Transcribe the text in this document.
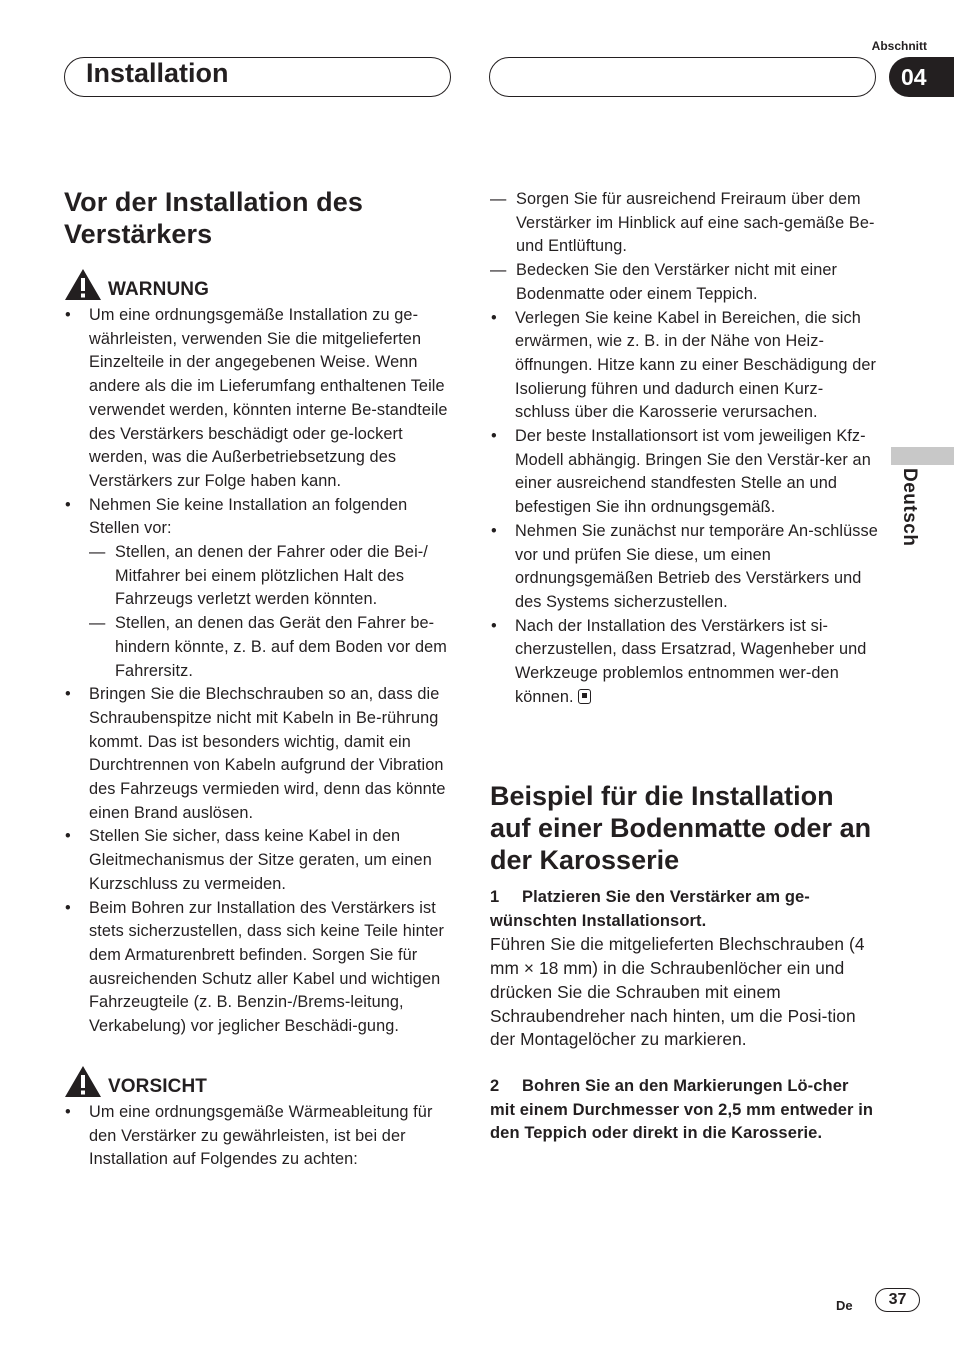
Installation
Abschnitt
04
Deutsch
Vor der Installation des Verstärkers
WARNUNG
• Um eine ordnungsgemäße Installation zu ge-währleisten, verwenden Sie die mitgelieferten Einzelteile in der angegebenen Weise. Wenn andere als die im Lieferumfang enthaltenen Teile verwendet werden, könnten interne Be-standteile des Verstärkers beschädigt oder ge-lockert werden, was die Außerbetriebsetzung des Verstärkers zur Folge haben kann.
• Nehmen Sie keine Installation an folgenden Stellen vor:
— Stellen, an denen der Fahrer oder die Bei-/ Mitfahrer bei einem plötzlichen Halt des Fahrzeugs verletzt werden könnten.
— Stellen, an denen das Gerät den Fahrer be-hindern könnte, z. B. auf dem Boden vor dem Fahrersitz.
• Bringen Sie die Blechschrauben so an, dass die Schraubenspitze nicht mit Kabeln in Be-rührung kommt. Das ist besonders wichtig, damit ein Durchtrennen von Kabeln aufgrund der Vibration des Fahrzeugs vermieden wird, denn das könnte einen Brand auslösen.
• Stellen Sie sicher, dass keine Kabel in den Gleitmechanismus der Sitze geraten, um einen Kurzschluss zu vermeiden.
• Beim Bohren zur Installation des Verstärkers ist stets sicherzustellen, dass sich keine Teile hinter dem Armaturenbrett befinden. Sorgen Sie für ausreichenden Schutz aller Kabel und wichtigen Fahrzeugteile (z. B. Benzin-/Brems-leitung, Verkabelung) vor jeglicher Beschädi-gung.
VORSICHT
• Um eine ordnungsgemäße Wärmeableitung für den Verstärker zu gewährleisten, ist bei der Installation auf Folgendes zu achten:
— Sorgen Sie für ausreichend Freiraum über dem Verstärker im Hinblick auf eine sach-gemäße Be- und Entlüftung.
— Bedecken Sie den Verstärker nicht mit einer Bodenmatte oder einem Teppich.
• Verlegen Sie keine Kabel in Bereichen, die sich erwärmen, wie z. B. in der Nähe von Heiz-öffnungen. Hitze kann zu einer Beschädigung der Isolierung führen und dadurch einen Kurz-schluss über die Karosserie verursachen.
• Der beste Installationsort ist vom jeweiligen Kfz-Modell abhängig. Bringen Sie den Verstär-ker an einer ausreichend standfesten Stelle an und befestigen Sie ihn ordnungsgemäß.
• Nehmen Sie zunächst nur temporäre An-schlüsse vor und prüfen Sie diese, um einen ordnungsgemäßen Betrieb des Verstärkers und des Systems sicherzustellen.
• Nach der Installation des Verstärkers ist si-cherzustellen, dass Ersatzrad, Wagenheber und Werkzeuge problemlos entnommen wer-den können.
Beispiel für die Installation auf einer Bodenmatte oder an der Karosserie
1 Platzieren Sie den Verstärker am ge-wünschten Installationsort.
Führen Sie die mitgelieferten Blechschrauben (4 mm × 18 mm) in die Schraubenlöcher ein und drücken Sie die Schrauben mit einem Schraubendreher nach hinten, um die Posi-tion der Montagelöcher zu markieren.
2 Bohren Sie an den Markierungen Lö-cher mit einem Durchmesser von 2,5 mm entweder in den Teppich oder direkt in die Karosserie.
De	37
